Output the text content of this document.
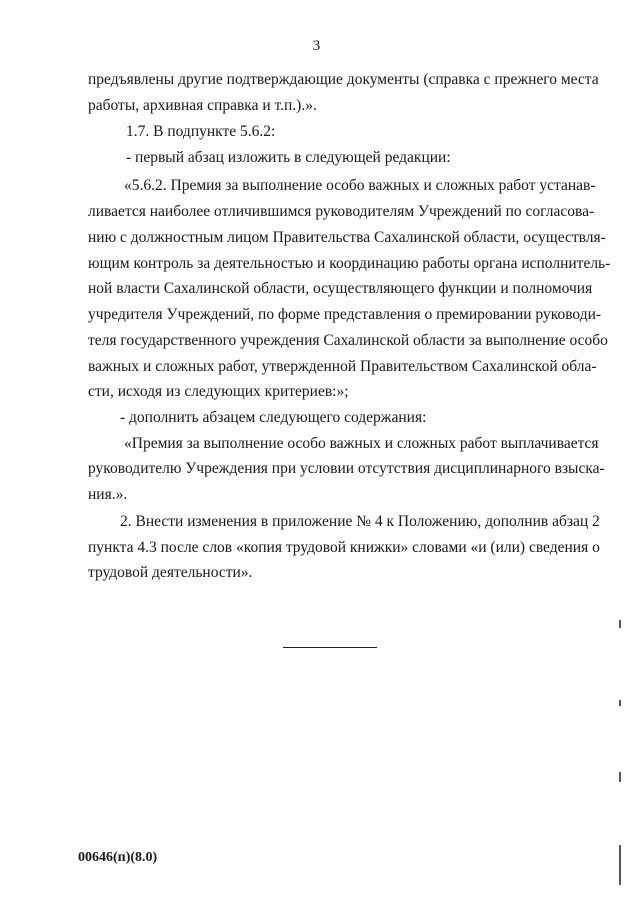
3
предъявлены другие подтверждающие документы (справка с прежнего места
работы, архивная справка и т.п.).».
1.7. В подпункте 5.6.2:
- первый абзац изложить в следующей редакции:
«5.6.2. Премия за выполнение особо важных и сложных работ устанав-
ливается наиболее отличившимся руководителям Учреждений по согласова-
нию с должностным лицом Правительства Сахалинской области, осуществля-
ющим контроль за деятельностью и координацию работы органа исполнитель-
ной власти Сахалинской области, осуществляющего функции и полномочия
учредителя Учреждений, по форме представления о премировании руководи-
теля государственного учреждения Сахалинской области за выполнение особо
важных и сложных работ, утвержденной Правительством Сахалинской обла-
сти, исходя из следующих критериев:»;
- дополнить абзацем следующего содержания:
«Премия за выполнение особо важных и сложных работ выплачивается
руководителю Учреждения при условии отсутствия дисциплинарного взыска-
ния.».
2. Внести изменения в приложение № 4 к Положению, дополнив абзац 2
пункта 4.3 после слов «копия трудовой книжки» словами «и (или) сведения о
трудовой деятельности».
00646(п)(8.0)
